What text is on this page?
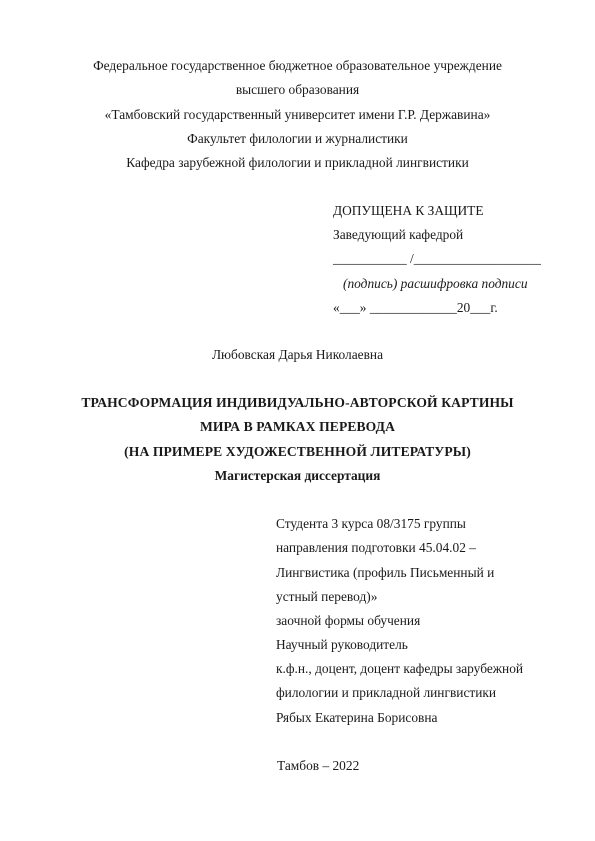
Федеральное государственное бюджетное образовательное учреждение
высшего образования
«Тамбовский государственный университет имени Г.Р. Державина»
Факультет филологии и журналистики
Кафедра зарубежной филологии и прикладной лингвистики
ДОПУЩЕНА К ЗАЩИТЕ
Заведующий кафедрой
___________ /___________________
(подпись) расшифровка подписи
«___» _____________20___г.
Любовская Дарья Николаевна
ТРАНСФОРМАЦИЯ ИНДИВИДУАЛЬНО-АВТОРСКОЙ КАРТИНЫ
МИРА В РАМКАХ ПЕРЕВОДА
(НА ПРИМЕРЕ ХУДОЖЕСТВЕННОЙ ЛИТЕРАТУРЫ)
Магистерская диссертация
Студента 3 курса 08/3175 группы
направления подготовки 45.04.02 –
Лингвистика (профиль Письменный и
устный перевод)»
заочной формы обучения
Научный руководитель
к.ф.н., доцент, доцент кафедры зарубежной
филологии и прикладной лингвистики
Рябых Екатерина Борисовна
Тамбов – 2022
